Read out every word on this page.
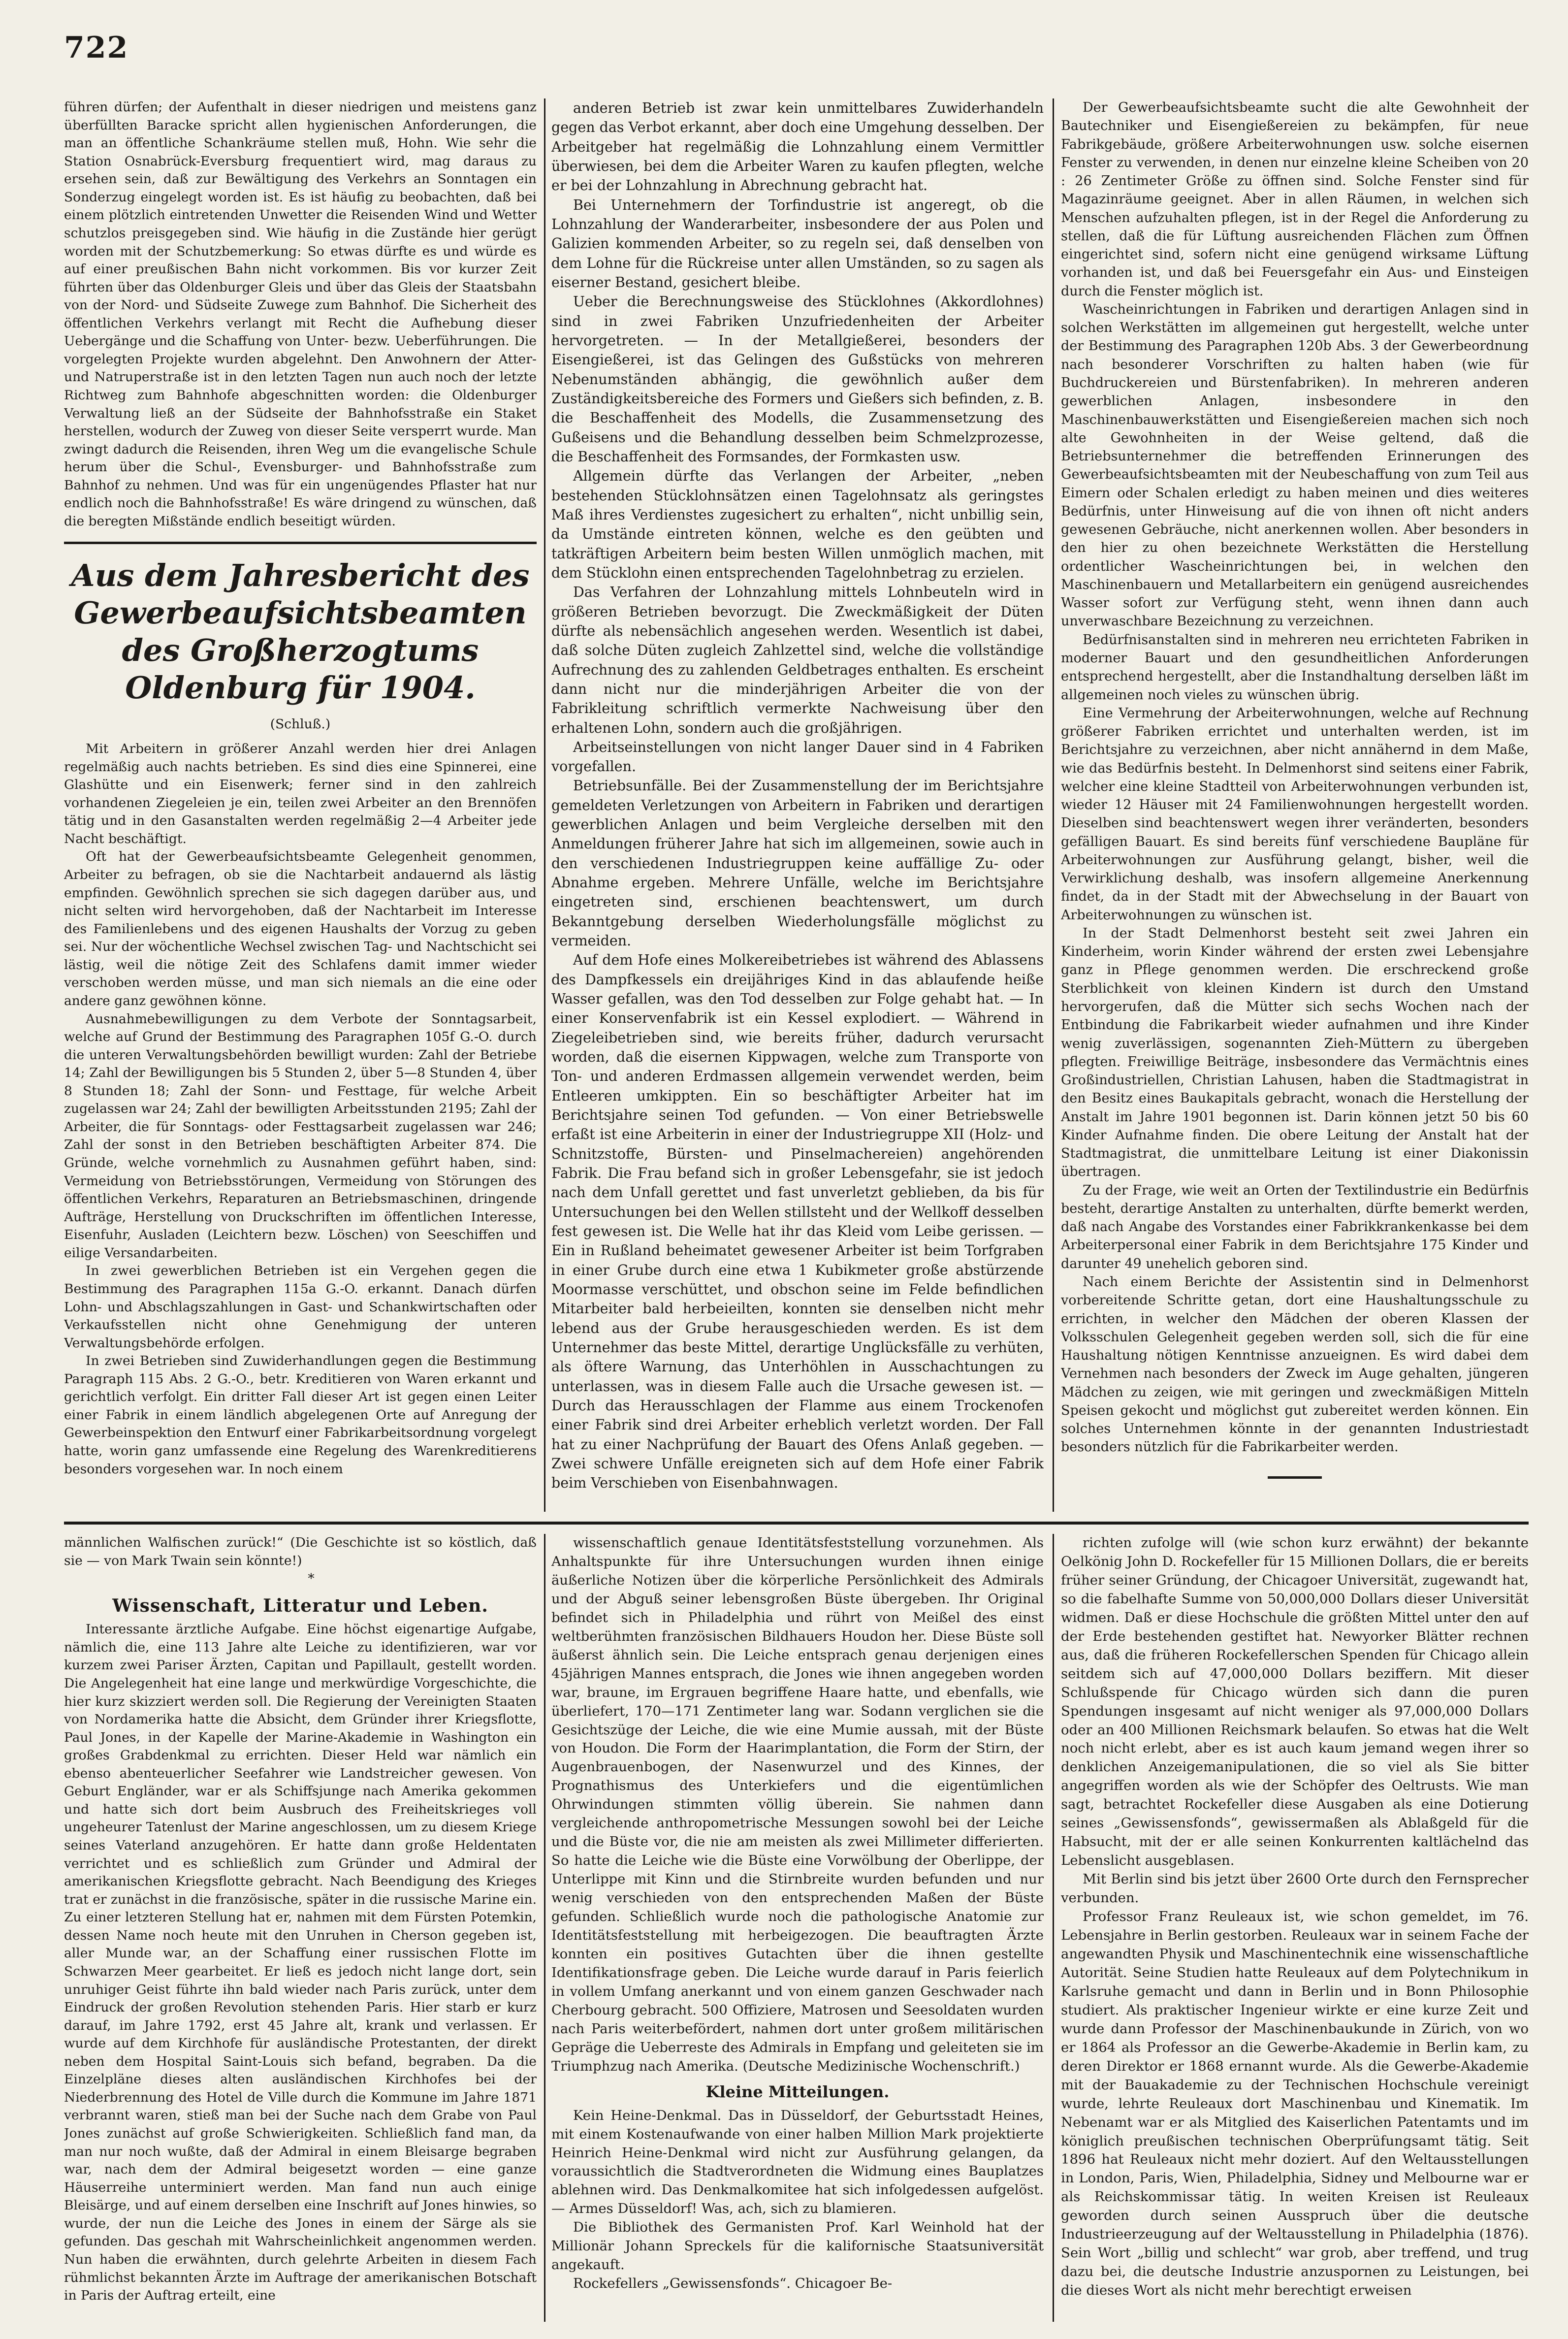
722

führen dürfen; der Aufenthalt in dieser niedrigen und meistens ganz überfüllten Baracke spricht allen hygienischen Anforderungen, die man an öffentliche Schankräume stellen muß, Hohn. Wie sehr die Station Osnabrück-Eversburg frequentiert wird, mag daraus zu ersehen sein, daß zur Bewältigung des Verkehrs an Sonntagen ein Sonderzug eingelegt worden ist. Es ist häufig zu beobachten, daß bei einem plötzlich eintretenden Unwetter die Reisenden Wind und Wetter schutzlos preisgegeben sind. Wie häufig in die Zustände hier gerügt worden mit der Schutzbemerkung: So etwas dürfte es und würde es auf einer preußischen Bahn nicht vorkommen. Bis vor kurzer Zeit führten über das Oldenburger Gleis und über das Gleis der Staatsbahn von der Nord- und Südseite Zuwege zum Bahnhof. Die Sicherheit des öffentlichen Verkehrs verlangt mit Recht die Aufhebung dieser Uebergänge und die Schaffung von Unter- bezw. Ueberführungen. Die vorgelegten Projekte wurden abgelehnt. Den Anwohnern der Atter- und Natruperstraße ist in den letzten Tagen nun auch noch der letzte Richtweg zum Bahnhofe abgeschnitten worden: die Oldenburger Verwaltung ließ an der Südseite der Bahnhofsstraße ein Staket herstellen, wodurch der Zuweg von dieser Seite versperrt wurde. Man zwingt dadurch die Reisenden, ihren Weg um die evangelische Schule herum über die Schul-, Evensburger- und Bahnhofsstraße zum Bahnhof zu nehmen. Und was für ein ungenügendes Pflaster hat nur endlich noch die Bahnhofsstraße! Es wäre dringend zu wünschen, daß die beregten Mißstände endlich beseitigt würden.

Aus dem Jahresbericht des Gewerbeaufsichtsbeamten des Großherzogtums Oldenburg für 1904.

(Schluß.)

Mit Arbeitern in größerer Anzahl werden hier drei Anlagen regelmäßig auch nachts betrieben. Es sind dies eine Spinnerei, eine Glashütte und ein Eisenwerk; ferner sind in den zahlreich vorhandenen Ziegeleien je ein, teilen zwei Arbeiter an den Brennöfen tätig und in den Gasanstalten werden regelmäßig 2—4 Arbeiter jede Nacht beschäftigt.

Oft hat der Gewerbeaufsichtsbeamte Gelegenheit genommen, Arbeiter zu befragen, ob sie die Nachtarbeit andauernd als lästig empfinden. Gewöhnlich sprechen sie sich dagegen darüber aus, und nicht selten wird hervorgehoben, daß der Nachtarbeit im Interesse des Familienlebens und des eigenen Haushalts der Vorzug zu geben sei. Nur der wöchentliche Wechsel zwischen Tag- und Nachtschicht sei lästig, weil die nötige Zeit des Schlafens damit immer wieder verschoben werden müsse, und man sich niemals an die eine oder andere ganz gewöhnen könne.

Ausnahmebewilligungen zu dem Verbote der Sonntagsarbeit, welche auf Grund der Bestimmung des Paragraphen 105f G.-O. durch die unteren Verwaltungsbehörden bewilligt wurden: Zahl der Betriebe 14; Zahl der Bewilligungen bis 5 Stunden 2, über 5—8 Stunden 4, über 8 Stunden 18; Zahl der Sonn- und Festtage, für welche Arbeit zugelassen war 24; Zahl der bewilligten Arbeitsstunden 2195; Zahl der Arbeiter, die für Sonntags- oder Festtagsarbeit zugelassen war 246; Zahl der sonst in den Betrieben beschäftigten Arbeiter 874. Die Gründe, welche vornehmlich zu Ausnahmen geführt haben, sind: Vermeidung von Betriebsstörungen, Vermeidung von Störungen des öffentlichen Verkehrs, Reparaturen an Betriebsmaschinen, dringende Aufträge, Herstellung von Druckschriften im öffentlichen Interesse, Eisenfuhr, Ausladen (Leichtern bezw. Löschen) von Seeschiffen und eilige Versandarbeiten.

In zwei gewerblichen Betrieben ist ein Vergehen gegen die Bestimmung des Paragraphen 115a G.-O. erkannt. Danach dürfen Lohn- und Abschlagszahlungen in Gast- und Schankwirtschaften oder Verkaufsstellen nicht ohne Genehmigung der unteren Verwaltungsbehörde erfolgen.

In zwei Betrieben sind Zuwiderhandlungen gegen die Bestimmung Paragraph 115 Abs. 2 G.-O., betr. Kreditieren von Waren erkannt und gerichtlich verfolgt. Ein dritter Fall dieser Art ist gegen einen Leiter einer Fabrik in einem ländlich abgelegenen Orte auf Anregung der Gewerbeinspektion den Entwurf einer Fabrikarbeitsordnung vorgelegt hatte, worin ganz umfassende eine Regelung des Warenkreditierens besonders vorgesehen war. In noch einem

anderen Betrieb ist zwar kein unmittelbares Zuwiderhandeln gegen das Verbot erkannt, aber doch eine Umgehung desselben. Der Arbeitgeber hat regelmäßig die Lohnzahlung einem Vermittler überwiesen, bei dem die Arbeiter Waren zu kaufen pflegten, welche er bei der Lohnzahlung in Abrechnung gebracht hat.

Bei Unternehmern der Torfindustrie ist angeregt, ob die Lohnzahlung der Wanderarbeiter, insbesondere der aus Polen und Galizien kommenden Arbeiter, so zu regeln sei, daß denselben von dem Lohne für die Rückreise unter allen Umständen, so zu sagen als eiserner Bestand, gesichert bleibe.

Ueber die Berechnungsweise des Stücklohnes (Akkordlohnes) sind in zwei Fabriken Unzufriedenheiten der Arbeiter hervorgetreten. — In der Metallgießerei, besonders der Eisengießerei, ist das Gelingen des Gußstücks von mehreren Nebenumständen abhängig, die gewöhnlich außer dem Zuständigkeitsbereiche des Formers und Gießers sich befinden, z. B. die Beschaffenheit des Modells, die Zusammensetzung des Gußeisens und die Behandlung desselben beim Schmelzprozesse, die Beschaffenheit des Formsandes, der Formkasten usw.

Allgemein dürfte das Verlangen der Arbeiter, „neben bestehenden Stücklohnsätzen einen Tagelohnsatz als geringstes Maß ihres Verdienstes zugesichert zu erhalten“, nicht unbillig sein, da Umstände eintreten können, welche es den geübten und tatkräftigen Arbeitern beim besten Willen unmöglich machen, mit dem Stücklohn einen entsprechenden Tagelohnbetrag zu erzielen.

Das Verfahren der Lohnzahlung mittels Lohnbeuteln wird in größeren Betrieben bevorzugt. Die Zweckmäßigkeit der Düten dürfte als nebensächlich angesehen werden. Wesentlich ist dabei, daß solche Düten zugleich Zahlzettel sind, welche die vollständige Aufrechnung des zu zahlenden Geldbetrages enthalten. Es erscheint dann nicht nur die minderjährigen Arbeiter die von der Fabrikleitung schriftlich vermerkte Nachweisung über den erhaltenen Lohn, sondern auch die großjährigen.

Arbeitseinstellungen von nicht langer Dauer sind in 4 Fabriken vorgefallen.

Betriebsunfälle. Bei der Zusammenstellung der im Berichtsjahre gemeldeten Verletzungen von Arbeitern in Fabriken und derartigen gewerblichen Anlagen und beim Vergleiche derselben mit den Anmeldungen früherer Jahre hat sich im allgemeinen, sowie auch in den verschiedenen Industriegruppen keine auffällige Zu- oder Abnahme ergeben. Mehrere Unfälle, welche im Berichtsjahre eingetreten sind, erschienen beachtenswert, um durch Bekanntgebung derselben Wiederholungsfälle möglichst zu vermeiden.

Auf dem Hofe eines Molkereibetriebes ist während des Ablassens des Dampfkessels ein dreijähriges Kind in das ablaufende heiße Wasser gefallen, was den Tod desselben zur Folge gehabt hat. — In einer Konservenfabrik ist ein Kessel explodiert. — Während in Ziegeleibetrieben sind, wie bereits früher, dadurch verursacht worden, daß die eisernen Kippwagen, welche zum Transporte von Ton- und anderen Erdmassen allgemein verwendet werden, beim Entleeren umkippten. Ein so beschäftigter Arbeiter hat im Berichtsjahre seinen Tod gefunden. — Von einer Betriebswelle erfaßt ist eine Arbeiterin in einer der Industriegruppe XII (Holz- und Schnitzstoffe, Bürsten- und Pinselmachereien) angehörenden Fabrik. Die Frau befand sich in großer Lebensgefahr, sie ist jedoch nach dem Unfall gerettet und fast unverletzt geblieben, da bis für Untersuchungen bei den Wellen stillsteht und der Wellkoff desselben fest gewesen ist. Die Welle hat ihr das Kleid vom Leibe gerissen. — Ein in Rußland beheimatet gewesener Arbeiter ist beim Torfgraben in einer Grube durch eine etwa 1 Kubikmeter große abstürzende Moormasse verschüttet, und obschon seine im Felde befindlichen Mitarbeiter bald herbeieilten, konnten sie denselben nicht mehr lebend aus der Grube herausgeschieden werden. Es ist dem Unternehmer das beste Mittel, derartige Unglücksfälle zu verhüten, als öftere Warnung, das Unterhöhlen in Ausschachtungen zu unterlassen, was in diesem Falle auch die Ursache gewesen ist. — Durch das Herausschlagen der Flamme aus einem Trockenofen einer Fabrik sind drei Arbeiter erheblich verletzt worden. Der Fall hat zu einer Nachprüfung der Bauart des Ofens Anlaß gegeben. — Zwei schwere Unfälle ereigneten sich auf dem Hofe einer Fabrik beim Verschieben von Eisenbahnwagen.

Der Gewerbeaufsichtsbeamte sucht die alte Gewohnheit der Bautechniker und Eisengießereien zu bekämpfen, für neue Fabrikgebäude, größere Arbeiterwohnungen usw. solche eisernen Fenster zu verwenden, in denen nur einzelne kleine Scheiben von 20 : 26 Zentimeter Größe zu öffnen sind. Solche Fenster sind für Magazinräume geeignet. Aber in allen Räumen, in welchen sich Menschen aufzuhalten pflegen, ist in der Regel die Anforderung zu stellen, daß die für Lüftung ausreichenden Flächen zum Öffnen eingerichtet sind, sofern nicht eine genügend wirksame Lüftung vorhanden ist, und daß bei Feuersgefahr ein Aus- und Einsteigen durch die Fenster möglich ist.

Wascheinrichtungen in Fabriken und derartigen Anlagen sind in solchen Werkstätten im allgemeinen gut hergestellt, welche unter der Bestimmung des Paragraphen 120b Abs. 3 der Gewerbeordnung nach besonderer Vorschriften zu halten haben (wie für Buchdruckereien und Bürstenfabriken). In mehreren anderen gewerblichen Anlagen, insbesondere in den Maschinenbauwerkstätten und Eisengießereien machen sich noch alte Gewohnheiten in der Weise geltend, daß die Betriebsunternehmer die betreffenden Erinnerungen des Gewerbeaufsichtsbeamten mit der Neubeschaffung von zum Teil aus Eimern oder Schalen erledigt zu haben meinen und dies weiteres Bedürfnis, unter Hinweisung auf die von ihnen oft nicht anders gewesenen Gebräuche, nicht anerkennen wollen. Aber besonders in den hier zu ohen bezeichnete Werkstätten die Herstellung ordentlicher Wascheinrichtungen bei, in welchen den Maschinenbauern und Metallarbeitern ein genügend ausreichendes Wasser sofort zur Verfügung steht, wenn ihnen dann auch unverwaschbare Bezeichnung zu verzeichnen.

Bedürfnisanstalten sind in mehreren neu errichteten Fabriken in moderner Bauart und den gesundheitlichen Anforderungen entsprechend hergestellt, aber die Instandhaltung derselben läßt im allgemeinen noch vieles zu wünschen übrig.

Eine Vermehrung der Arbeiterwohnungen, welche auf Rechnung größerer Fabriken errichtet und unterhalten werden, ist im Berichtsjahre zu verzeichnen, aber nicht annähernd in dem Maße, wie das Bedürfnis besteht. In Delmenhorst sind seitens einer Fabrik, welcher eine kleine Stadtteil von Arbeiterwohnungen verbunden ist, wieder 12 Häuser mit 24 Familienwohnungen hergestellt worden. Dieselben sind beachtenswert wegen ihrer veränderten, besonders gefälligen Bauart. Es sind bereits fünf verschiedene Baupläne für Arbeiterwohnungen zur Ausführung gelangt, bisher, weil die Verwirklichung deshalb, was insofern allgemeine Anerkennung findet, da in der Stadt mit der Abwechselung in der Bauart von Arbeiterwohnungen zu wünschen ist.

In der Stadt Delmenhorst besteht seit zwei Jahren ein Kinderheim, worin Kinder während der ersten zwei Lebensjahre ganz in Pflege genommen werden. Die erschreckend große Sterblichkeit von kleinen Kindern ist durch den Umstand hervorgerufen, daß die Mütter sich sechs Wochen nach der Entbindung die Fabrikarbeit wieder aufnahmen und ihre Kinder wenig zuverlässigen, sogenannten Zieh-Müttern zu übergeben pflegten. Freiwillige Beiträge, insbesondere das Vermächtnis eines Großindustriellen, Christian Lahusen, haben die Stadtmagistrat in den Besitz eines Baukapitals gebracht, wonach die Herstellung der Anstalt im Jahre 1901 begonnen ist. Darin können jetzt 50 bis 60 Kinder Aufnahme finden. Die obere Leitung der Anstalt hat der Stadtmagistrat, die unmittelbare Leitung ist einer Diakonissin übertragen.

Zu der Frage, wie weit an Orten der Textilindustrie ein Bedürfnis besteht, derartige Anstalten zu unterhalten, dürfte bemerkt werden, daß nach Angabe des Vorstandes einer Fabrikkrankenkasse bei dem Arbeiterpersonal einer Fabrik in dem Berichtsjahre 175 Kinder und darunter 49 unehelich geboren sind.

Nach einem Berichte der Assistentin sind in Delmenhorst vorbereitende Schritte getan, dort eine Haushaltungsschule zu errichten, in welcher den Mädchen der oberen Klassen der Volksschulen Gelegenheit gegeben werden soll, sich die für eine Haushaltung nötigen Kenntnisse anzueignen. Es wird dabei dem Vernehmen nach besonders der Zweck im Auge gehalten, jüngeren Mädchen zu zeigen, wie mit geringen und zweckmäßigen Mitteln Speisen gekocht und möglichst gut zubereitet werden können. Ein solches Unternehmen könnte in der genannten Industriestadt besonders nützlich für die Fabrikarbeiter werden.

männlichen Walfischen zurück!“ (Die Geschichte ist so köstlich, daß sie — von Mark Twain sein könnte!)

*

Wissenschaft, Litteratur und Leben.

Interessante ärztliche Aufgabe. Eine höchst eigenartige Aufgabe, nämlich die, eine 113 Jahre alte Leiche zu identifizieren, war vor kurzem zwei Pariser Ärzten, Capitan und Papillault, gestellt worden. Die Angelegenheit hat eine lange und merkwürdige Vorgeschichte, die hier kurz skizziert werden soll. Die Regierung der Vereinigten Staaten von Nordamerika hatte die Absicht, dem Gründer ihrer Kriegsflotte, Paul Jones, in der Kapelle der Marine-Akademie in Washington ein großes Grabdenkmal zu errichten. Dieser Held war nämlich ein ebenso abenteuerlicher Seefahrer wie Landstreicher gewesen. Von Geburt Engländer, war er als Schiffsjunge nach Amerika gekommen und hatte sich dort beim Ausbruch des Freiheitskrieges voll ungeheurer Tatenlust der Marine angeschlossen, um zu diesem Kriege seines Vaterland anzugehören. Er hatte dann große Heldentaten verrichtet und es schließlich zum Gründer und Admiral der amerikanischen Kriegsflotte gebracht. Nach Beendigung des Krieges trat er zunächst in die französische, später in die russische Marine ein. Zu einer letzteren Stellung hat er, nahmen mit dem Fürsten Potemkin, dessen Name noch heute mit den Unruhen in Cherson gegeben ist, aller Munde war, an der Schaffung einer russischen Flotte im Schwarzen Meer gearbeitet. Er ließ es jedoch nicht lange dort, sein unruhiger Geist führte ihn bald wieder nach Paris zurück, unter dem Eindruck der großen Revolution stehenden Paris. Hier starb er kurz darauf, im Jahre 1792, erst 45 Jahre alt, krank und verlassen. Er wurde auf dem Kirchhofe für ausländische Protestanten, der direkt neben dem Hospital Saint-Louis sich befand, begraben. Da die Einzelpläne dieses alten ausländischen Kirchhofes bei der Niederbrennung des Hotel de Ville durch die Kommune im Jahre 1871 verbrannt waren, stieß man bei der Suche nach dem Grabe von Paul Jones zunächst auf große Schwierigkeiten. Schließlich fand man, da man nur noch wußte, daß der Admiral in einem Bleisarge begraben war, nach dem der Admiral beigesetzt worden — eine ganze Häuserreihe unterminiert werden. Man fand nun auch einige Bleisärge, und auf einem derselben eine Inschrift auf Jones hinwies, so wurde, der nun die Leiche des Jones in einem der Särge als sie gefunden. Das geschah mit Wahrscheinlichkeit angenommen werden. Nun haben die erwähnten, durch gelehrte Arbeiten in diesem Fach rühmlichst bekannten Ärzte im Auftrage der amerikanischen Botschaft in Paris der Auftrag erteilt, eine

wissenschaftlich genaue Identitätsfeststellung vorzunehmen. Als Anhaltspunkte für ihre Untersuchungen wurden ihnen einige äußerliche Notizen über die körperliche Persönlichkeit des Admirals und der Abguß seiner lebensgroßen Büste übergeben. Ihr Original befindet sich in Philadelphia und rührt von Meißel des einst weltberühmten französischen Bildhauers Houdon her. Diese Büste soll äußerst ähnlich sein. Die Leiche entsprach genau derjenigen eines 45jährigen Mannes entsprach, die Jones wie ihnen angegeben worden war, braune, im Ergrauen begriffene Haare hatte, und ebenfalls, wie überliefert, 170—171 Zentimeter lang war. Sodann verglichen sie die Gesichtszüge der Leiche, die wie eine Mumie aussah, mit der Büste von Houdon. Die Form der Haarimplantation, die Form der Stirn, der Augenbrauenbogen, der Nasenwurzel und des Kinnes, der Prognathismus des Unterkiefers und die eigentümlichen Ohrwindungen stimmten völlig überein. Sie nahmen dann vergleichende anthropometrische Messungen sowohl bei der Leiche und die Büste vor, die nie am meisten als zwei Millimeter differierten. So hatte die Leiche wie die Büste eine Vorwölbung der Oberlippe, der Unterlippe mit Kinn und die Stirnbreite wurden befunden und nur wenig verschieden von den entsprechenden Maßen der Büste gefunden. Schließlich wurde noch die pathologische Anatomie zur Identitätsfeststellung mit herbeigezogen. Die beauftragten Ärzte konnten ein positives Gutachten über die ihnen gestellte Identifikationsfrage geben. Die Leiche wurde darauf in Paris feierlich in vollem Umfang anerkannt und von einem ganzen Geschwader nach Cherbourg gebracht. 500 Offiziere, Matrosen und Seesoldaten wurden nach Paris weiterbefördert, nahmen dort unter großem militärischen Gepräge die Ueberreste des Admirals in Empfang und geleiteten sie im Triumphzug nach Amerika. (Deutsche Medizinische Wochenschrift.)

Kleine Mitteilungen.

Kein Heine-Denkmal. Das in Düsseldorf, der Geburtsstadt Heines, mit einem Kostenaufwande von einer halben Million Mark projektierte Heinrich Heine-Denkmal wird nicht zur Ausführung gelangen, da voraussichtlich die Stadtverordneten die Widmung eines Bauplatzes ablehnen wird. Das Denkmalkomitee hat sich infolgedessen aufgelöst. — Armes Düsseldorf! Was, ach, sich zu blamieren.

Die Bibliothek des Germanisten Prof. Karl Weinhold hat der Millionär Johann Spreckels für die kalifornische Staatsuniversität angekauft.

Rockefellers „Gewissensfonds“. Chicagoer Be-

richten zufolge will (wie schon kurz erwähnt) der bekannte Oelkönig John D. Rockefeller für 15 Millionen Dollars, die er bereits früher seiner Gründung, der Chicagoer Universität, zugewandt hat, so die fabelhafte Summe von 50,000,000 Dollars dieser Universität widmen. Daß er diese Hochschule die größten Mittel unter den auf der Erde bestehenden gestiftet hat. Newyorker Blätter rechnen aus, daß die früheren Rockefellerschen Spenden für Chicago allein seitdem sich auf 47,000,000 Dollars beziffern. Mit dieser Schlußspende für Chicago würden sich dann die puren Spendungen insgesamt auf nicht weniger als 97,000,000 Dollars oder an 400 Millionen Reichsmark belaufen. So etwas hat die Welt noch nicht erlebt, aber es ist auch kaum jemand wegen ihrer so denklichen Anzeigemanipulationen, die so viel als Sie bitter angegriffen worden als wie der Schöpfer des Oeltrusts. Wie man sagt, betrachtet Rockefeller diese Ausgaben als eine Dotierung seines „Gewissensfonds“, gewissermaßen als Ablaßgeld für die Habsucht, mit der er alle seinen Konkurrenten kaltlächelnd das Lebenslicht ausgeblasen.

Mit Berlin sind bis jetzt über 2600 Orte durch den Fernsprecher verbunden.

Professor Franz Reuleaux ist, wie schon gemeldet, im 76. Lebensjahre in Berlin gestorben. Reuleaux war in seinem Fache der angewandten Physik und Maschinentechnik eine wissenschaftliche Autorität. Seine Studien hatte Reuleaux auf dem Polytechnikum in Karlsruhe gemacht und dann in Berlin und in Bonn Philosophie studiert. Als praktischer Ingenieur wirkte er eine kurze Zeit und wurde dann Professor der Maschinenbaukunde in Zürich, von wo er 1864 als Professor an die Gewerbe-Akademie in Berlin kam, zu deren Direktor er 1868 ernannt wurde. Als die Gewerbe-Akademie mit der Bauakademie zu der Technischen Hochschule vereinigt wurde, lehrte Reuleaux dort Maschinenbau und Kinematik. Im Nebenamt war er als Mitglied des Kaiserlichen Patentamts und im königlich preußischen technischen Oberprüfungsamt tätig. Seit 1896 hat Reuleaux nicht mehr doziert. Auf den Weltausstellungen in London, Paris, Wien, Philadelphia, Sidney und Melbourne war er als Reichskommissar tätig. In weiten Kreisen ist Reuleaux geworden durch seinen Ausspruch über die deutsche Industrieerzeugung auf der Weltausstellung in Philadelphia (1876). Sein Wort „billig und schlecht“ war grob, aber treffend, und trug dazu bei, die deutsche Industrie anzuspornen zu Leistungen, bei die dieses Wort als nicht mehr berechtigt erweisen
